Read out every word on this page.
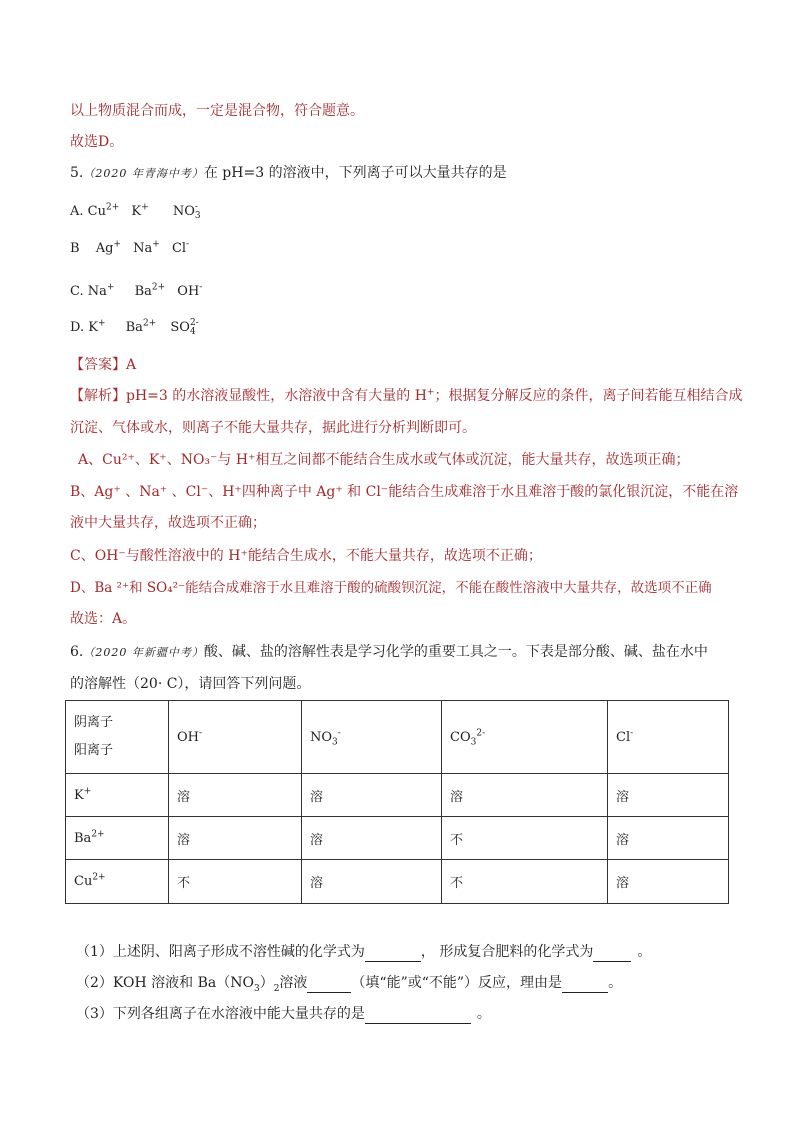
以上物质混合而成，一定是混合物，符合题意。
故选D。
5.（2020 年青海中考）在 pH=3 的溶液中，下列离子可以大量共存的是
A. $Cu^{2+}$ K+ NO -
3
B Ag+ Na+ Cl-
C. Na+ $Ba^{2+}$ OH-
D. K+ $Ba^{2+}$ SO 2-
4
【答案】A
【解析】pH=3 的水溶液显酸性，水溶液中含有大量的 H+；根据复分解反应的条件，离子间若能互相结合成
沉淀、气体或水，则离子不能大量共存，据此进行分析判断即可。
A、Cu²⁺、K⁺、NO₃⁻与 H⁺相互之间都不能结合生成水或气体或沉淀，能大量共存，故选项正确；
B、Ag⁺ 、Na⁺ 、Cl⁻、H⁺四种离子中 Ag⁺ 和 Cl⁻能结合生成难溶于水且难溶于酸的氯化银沉淀，不能在溶
液中大量共存，故选项不正确；
C、OH⁻与酸性溶液中的 H⁺能结合生成水，不能大量共存，故选项不正确；
D、Ba ²⁺和 SO₄²⁻能结合成难溶于水且难溶于酸的硫酸钡沉淀，不能在酸性溶液中大量共存，故选项不正确
故选：A。
6.（2020 年新疆中考）酸、碱、盐的溶解性表是学习化学的重要工具之一。下表是部分酸、碱、盐在水中
的溶解性（20· C），请回答下列问题。
阴离子
阳离子	OH-	$NO_3^-$	$CO_3^{2-}$	Cl-
K+	溶	溶	溶	溶
$Ba^{2+}$	溶	溶	不	溶
$Cu^{2+}$	不	溶	不	溶
（1）上述阴、阳离子形成不溶性碱的化学式为	， 形成复合肥料的化学式为	。
（2）KOH 溶液和 $Ba(NO_3)_2$溶液	（填“能”或“不能”）反应，理由是	。
（3）下列各组离子在水溶液中能大量共存的是	。
